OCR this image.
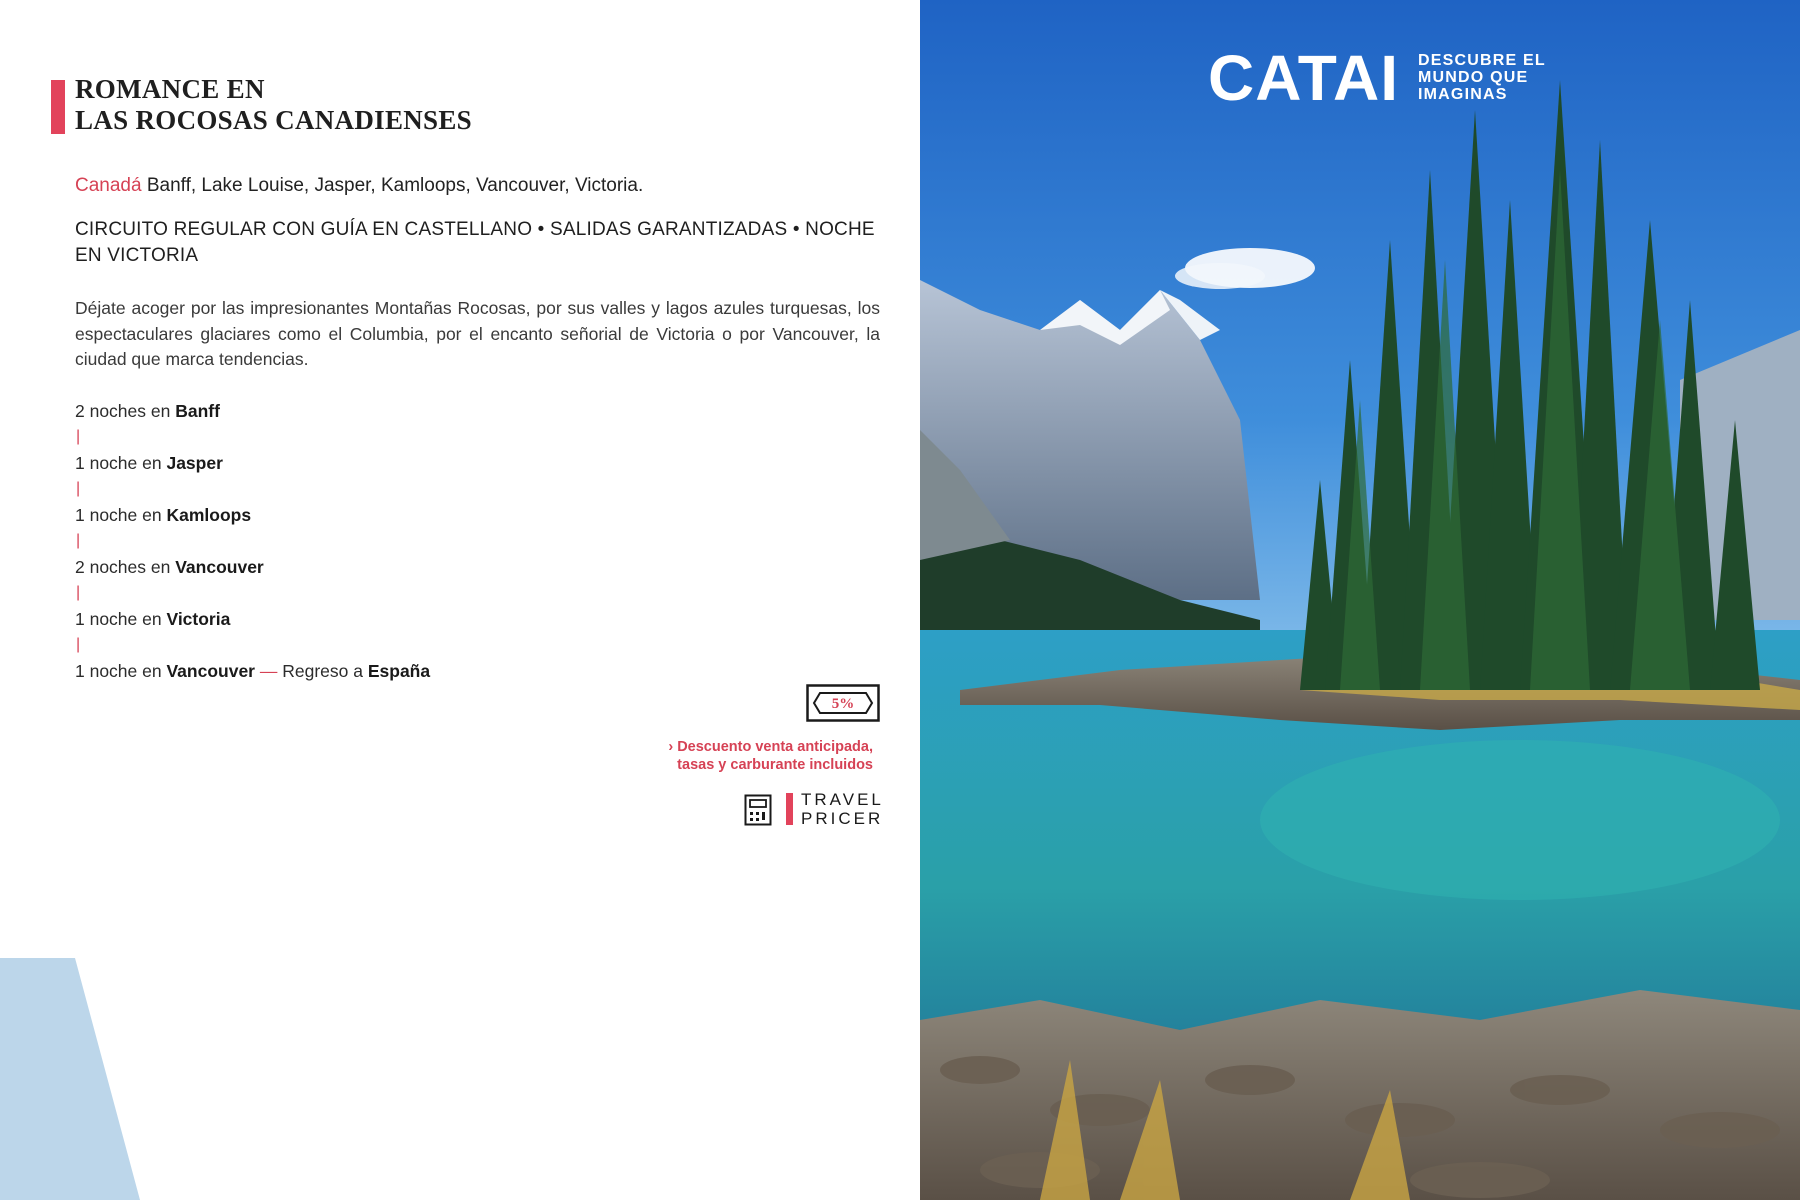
ROMANCE EN
LAS ROCOSAS CANADIENSES

Canadá Banff, Lake Louise, Jasper, Kamloops, Vancouver, Victoria.

CIRCUITO REGULAR CON GUÍA EN CASTELLANO • SALIDAS GARANTIZADAS • NOCHE EN VICTORIA

Déjate acoger por las impresionantes Montañas Rocosas, por sus valles y lagos azules turquesas, los espectaculares glaciares como el Columbia, por el encanto señorial de Victoria o por Vancouver, la ciudad que marca tendencias.

2 noches en Banff
|
1 noche en Jasper
|
1 noche en Kamloops
|
2 noches en Vancouver
|
1 noche en Victoria
|
1 noche en Vancouver — Regreso a España
5%
› Descuento venta anticipada,
tasas y carburante incluidos
TRAVEL
PRICER
CATAI DESCUBRE EL
MUNDO QUE
IMAGINAS
